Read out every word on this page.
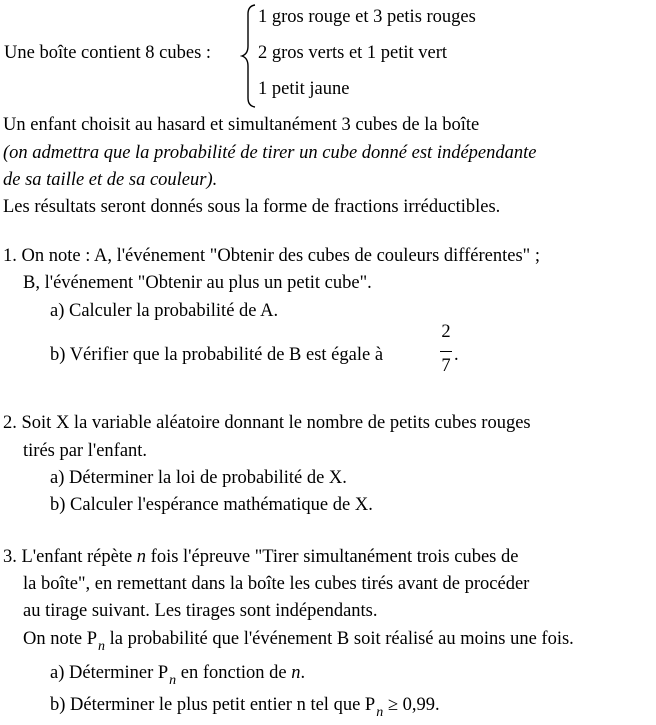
Une boîte contient 8 cubes :
1 gros rouge et 3 petis rouges
2 gros verts et 1 petit vert
1 petit jaune
Un enfant choisit au hasard et simultanément 3 cubes de la boîte
(on admettra que la probabilité de tirer un cube donné est indépendante
de sa taille et de sa couleur).
Les résultats seront donnés sous la forme de fractions irréductibles.
1. On note : A, l'événement "Obtenir des cubes de couleurs différentes" ;
B, l'événement "Obtenir au plus un petit cube".
a) Calculer la probabilité de A.
b) Vérifier que la probabilité de B est égale à
2
7
.
2. Soit X la variable aléatoire donnant le nombre de petits cubes rouges
tirés par l'enfant.
a) Déterminer la loi de probabilité de X.
b) Calculer l'espérance mathématique de X.
3. L'enfant répète n fois l'épreuve "Tirer simultanément trois cubes de
la boîte", en remettant dans la boîte les cubes tirés avant de procéder
au tirage suivant. Les tirages sont indépendants.
On note $P_n$ la probabilité que l'événement B soit réalisé au moins une fois.
a) Déterminer $P_n$ en fonction de n.
b) Déterminer le plus petit entier n tel que $P_n \ge 0,99$.
